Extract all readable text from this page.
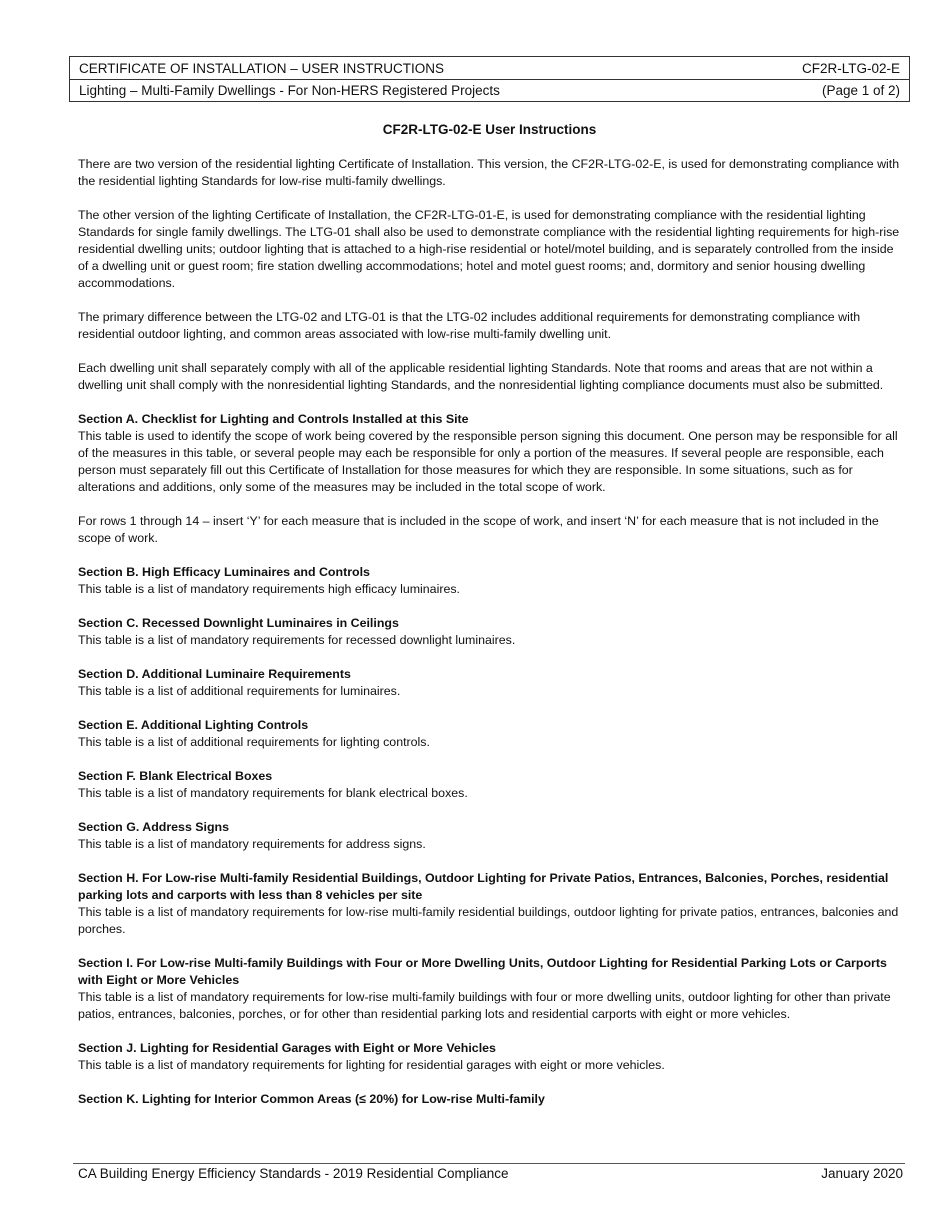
CERTIFICATE OF INSTALLATION – USER INSTRUCTIONS	CF2R-LTG-02-E
Lighting – Multi-Family Dwellings - For Non-HERS Registered Projects	(Page 1 of 2)
CF2R-LTG-02-E User Instructions

There are two version of the residential lighting Certificate of Installation. This version, the CF2R-LTG-02-E, is used for demonstrating compliance with the residential lighting Standards for low-rise multi-family dwellings.

The other version of the lighting Certificate of Installation, the CF2R-LTG-01-E, is used for demonstrating compliance with the residential lighting Standards for single family dwellings. The LTG-01 shall also be used to demonstrate compliance with the residential lighting requirements for high-rise residential dwelling units; outdoor lighting that is attached to a high-rise residential or hotel/motel building, and is separately controlled from the inside of a dwelling unit or guest room; fire station dwelling accommodations; hotel and motel guest rooms; and, dormitory and senior housing dwelling accommodations.

The primary difference between the LTG-02 and LTG-01 is that the LTG-02 includes additional requirements for demonstrating compliance with residential outdoor lighting, and common areas associated with low-rise multi-family dwelling unit.

Each dwelling unit shall separately comply with all of the applicable residential lighting Standards. Note that rooms and areas that are not within a dwelling unit shall comply with the nonresidential lighting Standards, and the nonresidential lighting compliance documents must also be submitted.

Section A. Checklist for Lighting and Controls Installed at this Site
This table is used to identify the scope of work being covered by the responsible person signing this document. One person may be responsible for all of the measures in this table, or several people may each be responsible for only a portion of the measures. If several people are responsible, each person must separately fill out this Certificate of Installation for those measures for which they are responsible. In some situations, such as for alterations and additions, only some of the measures may be included in the total scope of work.

For rows 1 through 14 – insert ‘Y’ for each measure that is included in the scope of work, and insert ‘N’ for each measure that is not included in the scope of work.

Section B. High Efficacy Luminaires and Controls
This table is a list of mandatory requirements high efficacy luminaires.
Section C. Recessed Downlight Luminaires in Ceilings
This table is a list of mandatory requirements for recessed downlight luminaires.
Section D. Additional Luminaire Requirements
This table is a list of additional requirements for luminaires.
Section E. Additional Lighting Controls
This table is a list of additional requirements for lighting controls.
Section F. Blank Electrical Boxes
This table is a list of mandatory requirements for blank electrical boxes.
Section G. Address Signs
This table is a list of mandatory requirements for address signs.
Section H. For Low-rise Multi-family Residential Buildings, Outdoor Lighting for Private Patios, Entrances, Balconies, Porches, residential parking lots and carports with less than 8 vehicles per site
This table is a list of mandatory requirements for low-rise multi-family residential buildings, outdoor lighting for private patios, entrances, balconies and porches.
Section I. For Low-rise Multi-family Buildings with Four or More Dwelling Units, Outdoor Lighting for Residential Parking Lots or Carports with Eight or More Vehicles
This table is a list of mandatory requirements for low-rise multi-family buildings with four or more dwelling units, outdoor lighting for other than private patios, entrances, balconies, porches, or for other than residential parking lots and residential carports with eight or more vehicles.
Section J. Lighting for Residential Garages with Eight or More Vehicles
This table is a list of mandatory requirements for lighting for residential garages with eight or more vehicles.
Section K. Lighting for Interior Common Areas (≤ 20%) for Low-rise Multi-family
CA Building Energy Efficiency Standards - 2019 Residential Compliance	January 2020
